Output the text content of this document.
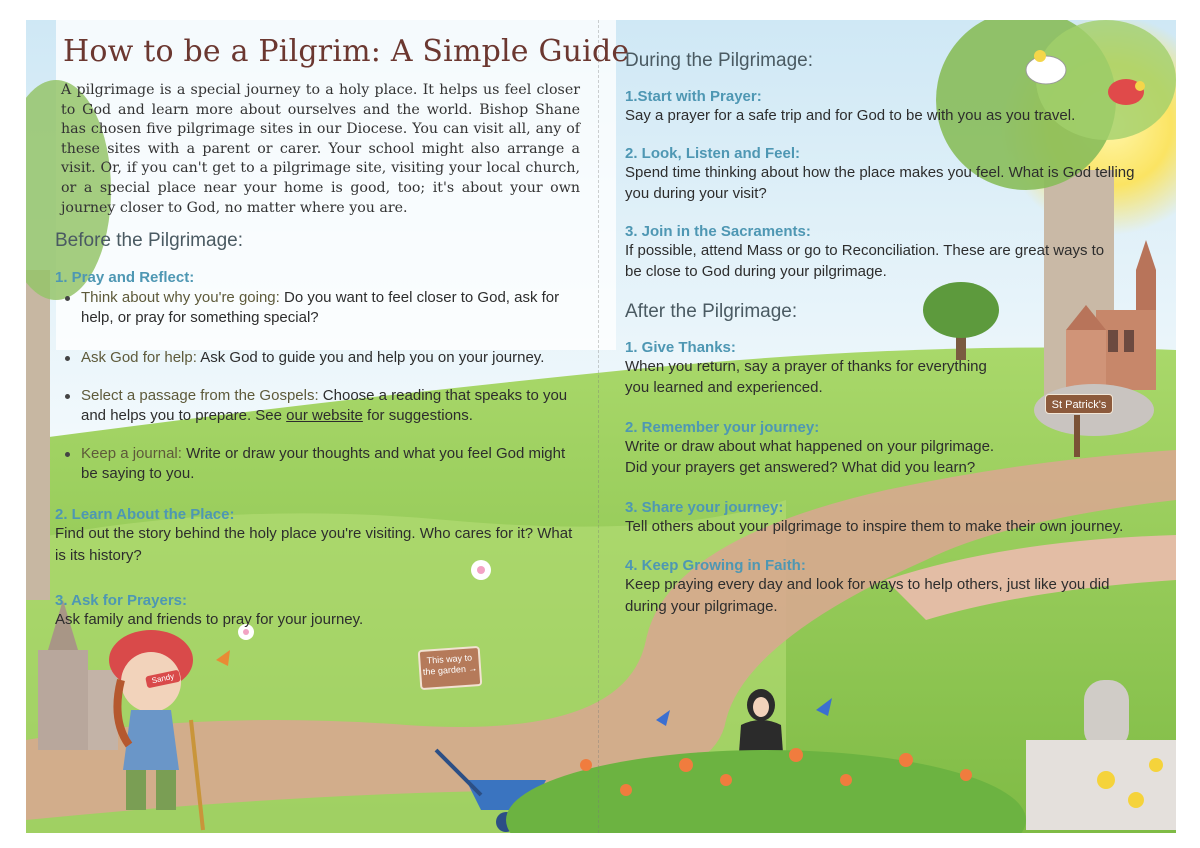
St Patrick's
This way to the garden →
Sandy
How to be a Pilgrim: A Simple Guide

A pilgrimage is a special journey to a holy place. It helps us feel closer to God and learn more about ourselves and the world. Bishop Shane has chosen five pilgrimage sites in our Diocese. You can visit all, any of these sites with a parent or carer. Your school might also arrange a visit. Or, if you can't get to a pilgrimage site, visiting your local church, or a special place near your home is good, too; it's about your own journey closer to God, no matter where you are.

Before the Pilgrimage:
1. Pray and Reflect:
Think about why you're going: Do you want to feel closer to God, ask for help, or pray for something special?
Ask God for help: Ask God to guide you and help you on your journey.
Select a passage from the Gospels: Choose a reading that speaks to you and helps you to prepare. See our website for suggestions.
Keep a journal: Write or draw your thoughts and what you feel God might be saying to you.
2. Learn About the Place:

Find out the story behind the holy place you're visiting. Who cares for it? What is its history?

3. Ask for Prayers:

Ask family and friends to pray for your journey.

During the Pilgrimage:
1.Start with Prayer:

Say a prayer for a safe trip and for God to be with you as you travel.

2. Look, Listen and Feel:

Spend time thinking about how the place makes you feel. What is God telling you during your visit?

3. Join in the Sacraments:

If possible, attend Mass or go to Reconciliation. These are great ways to be close to God during your pilgrimage.

After the Pilgrimage:
1. Give Thanks:

When you return, say a prayer of thanks for everything you learned and experienced.

2. Remember your journey:

Write or draw about what happened on your pilgrimage.

Did your prayers get answered? What did you learn?

3. Share your journey:

Tell others about your pilgrimage to inspire them to make their own journey.

4. Keep Growing in Faith:

Keep praying every day and look for ways to help others, just like you did during your pilgrimage.
